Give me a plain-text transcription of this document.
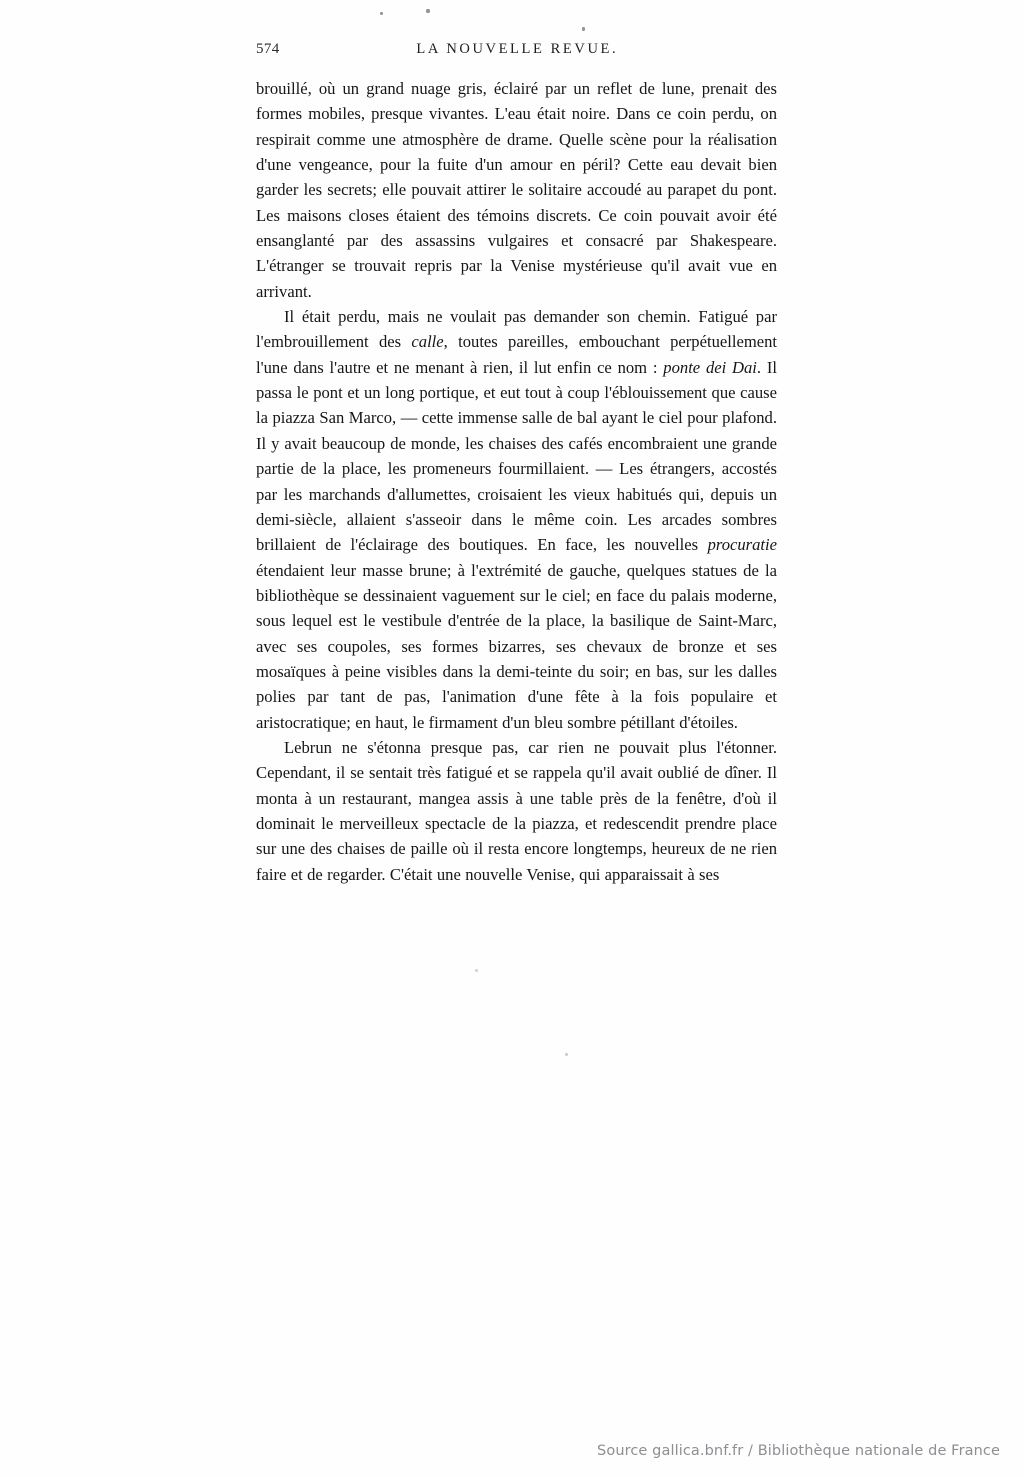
574	LA NOUVELLE REVUE.

brouillé, où un grand nuage gris, éclairé par un reflet de lune, prenait des formes mobiles, presque vivantes. L'eau était noire. Dans ce coin perdu, on respirait comme une atmosphère de drame. Quelle scène pour la réalisation d'une vengeance, pour la fuite d'un amour en péril? Cette eau devait bien garder les secrets; elle pouvait attirer le solitaire accoudé au parapet du pont. Les maisons closes étaient des témoins discrets. Ce coin pouvait avoir été ensanglanté par des assassins vulgaires et consacré par Shakespeare. L'étranger se trouvait repris par la Venise mystérieuse qu'il avait vue en arrivant.

Il était perdu, mais ne voulait pas demander son chemin. Fatigué par l'embrouillement des calle, toutes pareilles, embouchant perpétuellement l'une dans l'autre et ne menant à rien, il lut enfin ce nom : ponte dei Dai. Il passa le pont et un long portique, et eut tout à coup l'éblouissement que cause la piazza San Marco, — cette immense salle de bal ayant le ciel pour plafond. Il y avait beaucoup de monde, les chaises des cafés encombraient une grande partie de la place, les promeneurs fourmillaient. — Les étrangers, accostés par les marchands d'allumettes, croisaient les vieux habitués qui, depuis un demi-siècle, allaient s'asseoir dans le même coin. Les arcades sombres brillaient de l'éclairage des boutiques. En face, les nouvelles procuratie étendaient leur masse brune; à l'extrémité de gauche, quelques statues de la bibliothèque se dessinaient vaguement sur le ciel; en face du palais moderne, sous lequel est le vestibule d'entrée de la place, la basilique de Saint-Marc, avec ses coupoles, ses formes bizarres, ses chevaux de bronze et ses mosaïques à peine visibles dans la demi-teinte du soir; en bas, sur les dalles polies par tant de pas, l'animation d'une fête à la fois populaire et aristocratique; en haut, le firmament d'un bleu sombre pétillant d'étoiles.

Lebrun ne s'étonna presque pas, car rien ne pouvait plus l'étonner. Cependant, il se sentait très fatigué et se rappela qu'il avait oublié de dîner. Il monta à un restaurant, mangea assis à une table près de la fenêtre, d'où il dominait le merveilleux spectacle de la piazza, et redescendit prendre place sur une des chaises de paille où il resta encore longtemps, heureux de ne rien faire et de regarder. C'était une nouvelle Venise, qui apparaissait à ses

Source gallica.bnf.fr / Bibliothèque nationale de France
